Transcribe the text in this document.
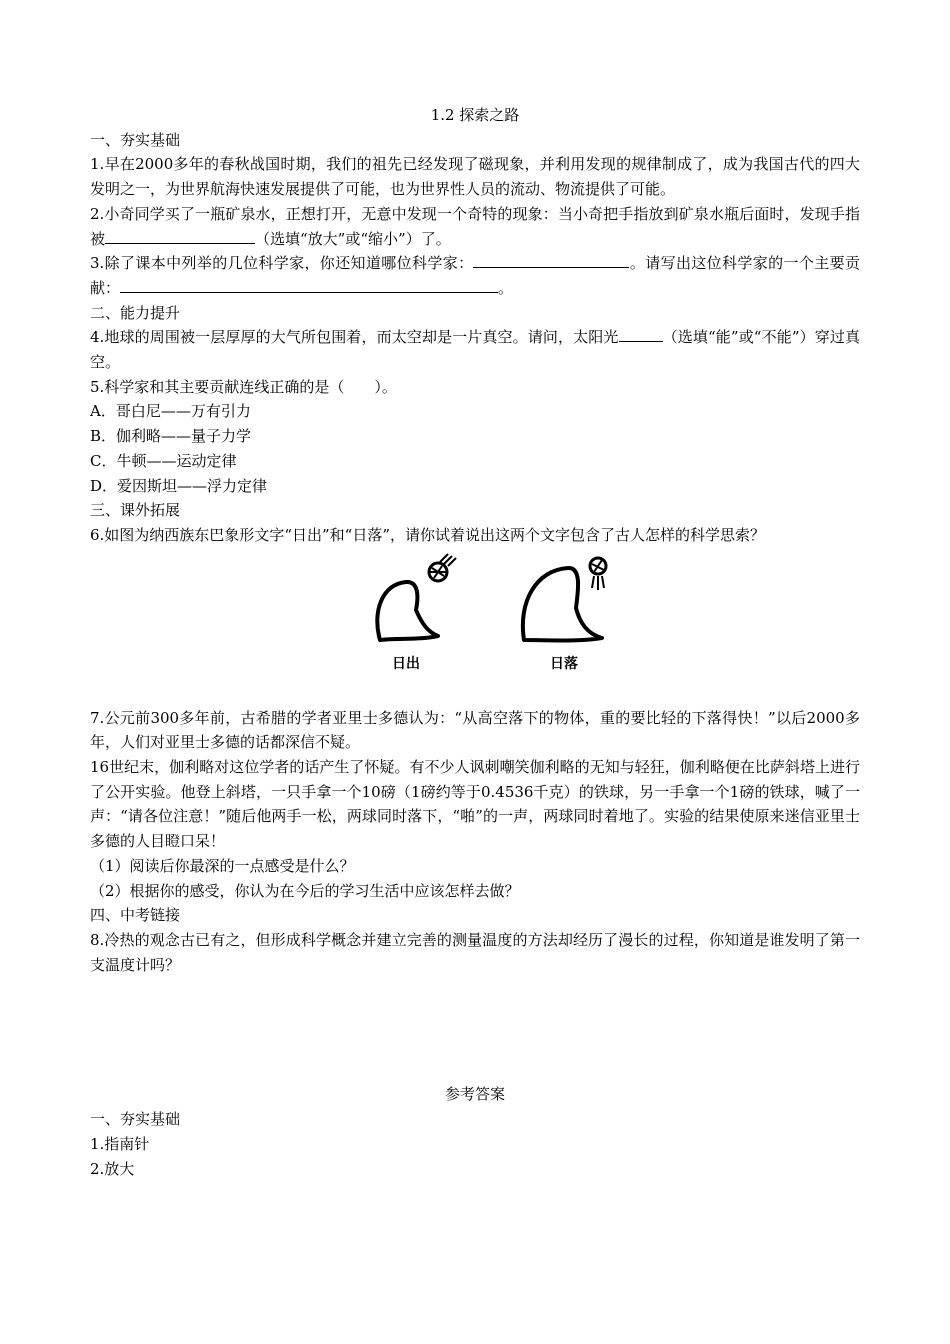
1.2 探索之路
一、夯实基础
1.早在2000多年的春秋战国时期，我们的祖先已经发现了磁现象，并利用发现的规律制成了，成为我国古代的四大发明之一，为世界航海快速发展提供了可能，也为世界性人员的流动、物流提供了可能。
2.小奇同学买了一瓶矿泉水，正想打开，无意中发现一个奇特的现象：当小奇把手指放到矿泉水瓶后面时，发现手指被	（选填“放大”或“缩小”）了。
3.除了课本中列举的几位科学家，你还知道哪位科学家：	。请写出这位科学家的一个主要贡献：	。
二、能力提升
4.地球的周围被一层厚厚的大气所包围着，而太空却是一片真空。请问，太阳光	（选填“能”或“不能”）穿过真空。
5.科学家和其主要贡献连线正确的是（　　）。
A．哥白尼——万有引力
B．伽利略——量子力学
C．牛顿——运动定律
D．爱因斯坦——浮力定律
三、课外拓展
6.如图为纳西族东巴象形文字“日出”和“日落”，请你试着说出这两个文字包含了古人怎样的科学思索？
日出	日落
7.公元前300多年前，古希腊的学者亚里士多德认为：“从高空落下的物体，重的要比轻的下落得快！”以后2000多年，人们对亚里士多德的话都深信不疑。
16世纪末，伽利略对这位学者的话产生了怀疑。有不少人讽刺嘲笑伽利略的无知与轻狂，伽利略便在比萨斜塔上进行了公开实验。他登上斜塔，一只手拿一个10磅（1磅约等于0.4536千克）的铁球，另一手拿一个1磅的铁球，喊了一声：“请各位注意！”随后他两手一松，两球同时落下，“啪”的一声，两球同时着地了。实验的结果使原来迷信亚里士多德的人目瞪口呆！
（1）阅读后你最深的一点感受是什么？
（2）根据你的感受，你认为在今后的学习生活中应该怎样去做？
四、中考链接
8.冷热的观念古已有之，但形成科学概念并建立完善的测量温度的方法却经历了漫长的过程，你知道是谁发明了第一支温度计吗？
参考答案
一、夯实基础
1.指南针
2.放大
